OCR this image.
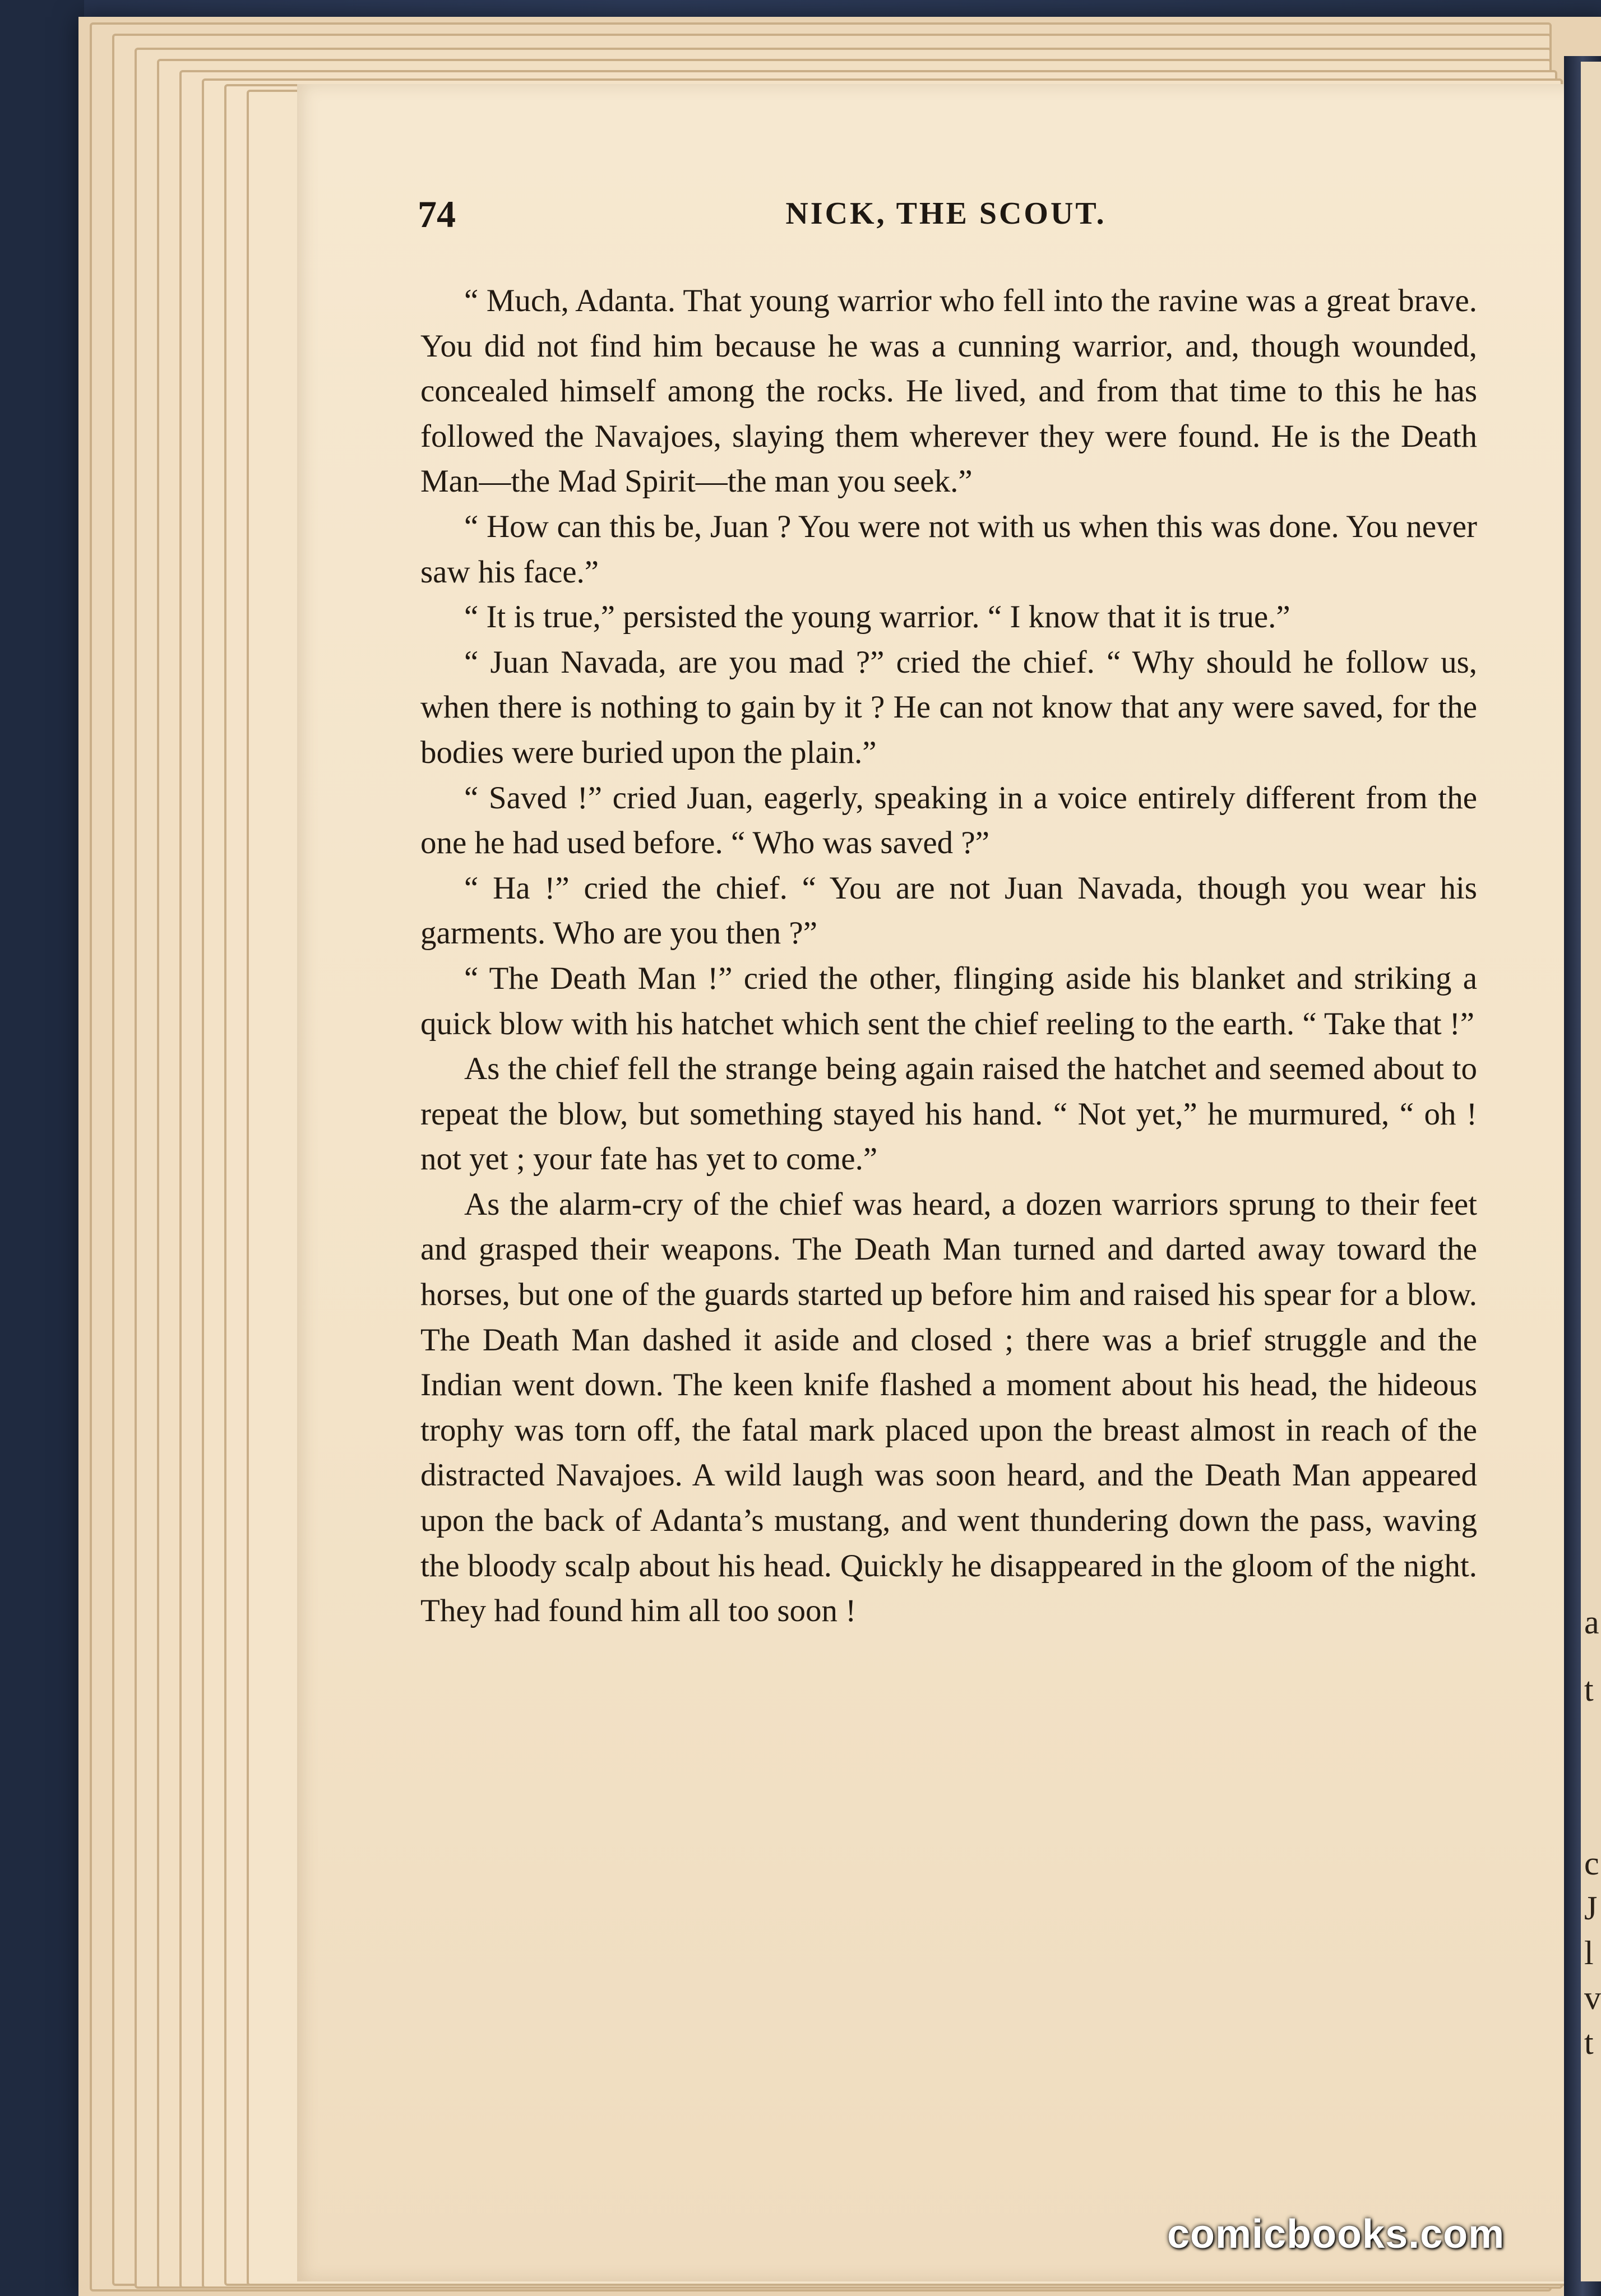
a
t
c
J
l
v
t
74	NICK, THE SCOUT.

“ Much, Adanta. That young warrior who fell into the ravine was a great brave. You did not find him because he was a cunning warrior, and, though wounded, concealed himself among the rocks. He lived, and from that time to this he has followed the Navajoes, slaying them wherever they were found. He is the Death Man—the Mad Spirit—the man you seek.”

“ How can this be, Juan ? You were not with us when this was done. You never saw his face.”

“ It is true,” persisted the young warrior. “ I know that it is true.”

“ Juan Navada, are you mad ?” cried the chief. “ Why should he follow us, when there is nothing to gain by it ? He can not know that any were saved, for the bodies were buried upon the plain.”

“ Saved !” cried Juan, eagerly, speaking in a voice entirely different from the one he had used before. “ Who was saved ?”

“ Ha !” cried the chief. “ You are not Juan Navada, though you wear his garments. Who are you then ?”

“ The Death Man !” cried the other, flinging aside his blanket and striking a quick blow with his hatchet which sent the chief reeling to the earth. “ Take that !”

As the chief fell the strange being again raised the hatchet and seemed about to repeat the blow, but something stayed his hand. “ Not yet,” he murmured, “ oh ! not yet ; your fate has yet to come.”

As the alarm-cry of the chief was heard, a dozen warriors sprung to their feet and grasped their weapons. The Death Man turned and darted away toward the horses, but one of the guards started up before him and raised his spear for a blow. The Death Man dashed it aside and closed ; there was a brief struggle and the Indian went down. The keen knife flashed a moment about his head, the hideous trophy was torn off, the fatal mark placed upon the breast almost in reach of the distracted Navajoes. A wild laugh was soon heard, and the Death Man appeared upon the back of Adanta’s mustang, and went thundering down the pass, waving the bloody scalp about his head. Quickly he disappeared in the gloom of the night. They had found him all too soon !

comicbooks.com
